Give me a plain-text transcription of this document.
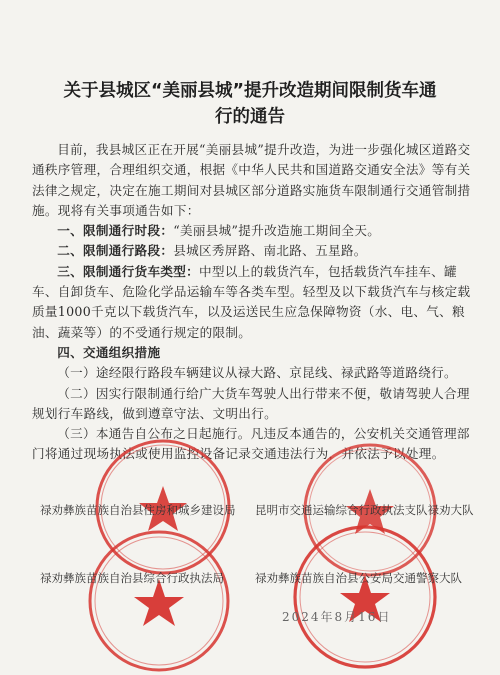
关于县城区“美丽县城”提升改造期间限制货车通
行的通告

目前，我县城区正在开展“美丽县城”提升改造，为进一步强化城区道路交通秩序管理，合理组织交通，根据《中华人民共和国道路交通安全法》等有关法律之规定，决定在施工期间对县城区部分道路实施货车限制通行交通管制措施。现将有关事项通告如下：

一、限制通行时段：“美丽县城”提升改造施工期间全天。

二、限制通行路段：县城区秀屏路、南北路、五星路。

三、限制通行货车类型：中型以上的载货汽车，包括载货汽车挂车、罐车、自卸货车、危险化学品运输车等各类车型。轻型及以下载货汽车与核定载质量1000千克以下载货汽车，以及运送民生应急保障物资（水、电、气、粮油、蔬菜等）的不受通行规定的限制。

四、交通组织措施

（一）途经限行路段车辆建议从禄大路、京昆线、禄武路等道路绕行。

（二）因实行限制通行给广大货车驾驶人出行带来不便，敬请驾驶人合理规划行车路线，做到遵章守法、文明出行。

（三）本通告自公布之日起施行。凡违反本通告的，公安机关交通管理部门将通过现场执法或使用监控设备记录交通违法行为，并依法予以处理。

禄劝彝族苗族自治县住房和城乡建设局 昆明市交通运输综合行政执法支队禄劝大队
禄劝彝族苗族自治县综合行政执法局	禄劝彝族苗族自治县公安局交通警察大队
2024年8月16日
